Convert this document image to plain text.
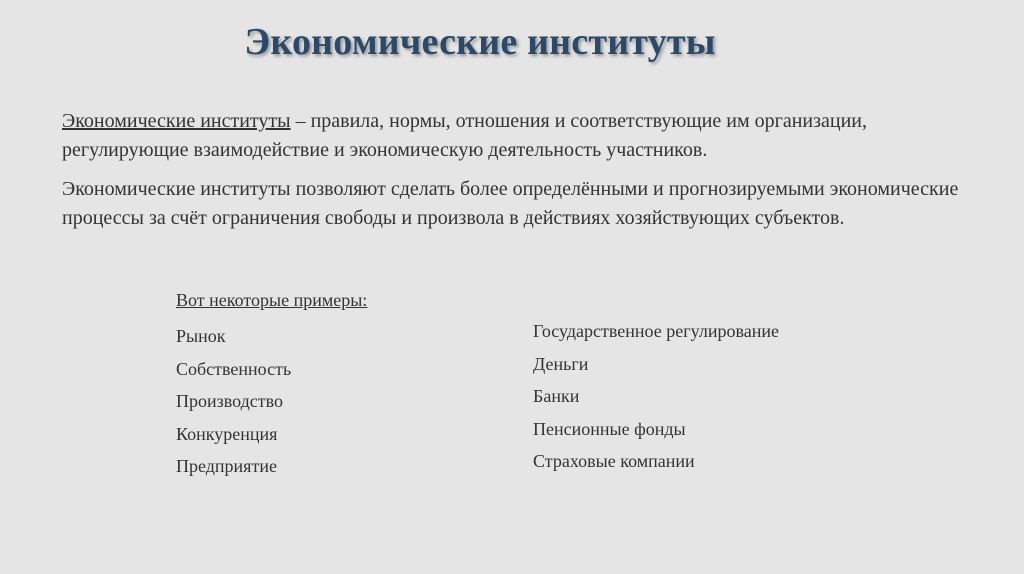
Экономические институты

Экономические институты – правила, нормы, отношения и соответствующие им организации, регулирующие взаимодействие и экономическую деятельность участников.

Экономические институты позволяют сделать более определёнными и прогнозируемыми экономические процессы за счёт ограничения свободы и произвола в действиях хозяйствующих субъектов.

Вот некоторые примеры:
Рынок
Собственность
Производство
Конкуренция
Предприятие
Государственное регулирование
Деньги
Банки
Пенсионные фонды
Страховые компании
